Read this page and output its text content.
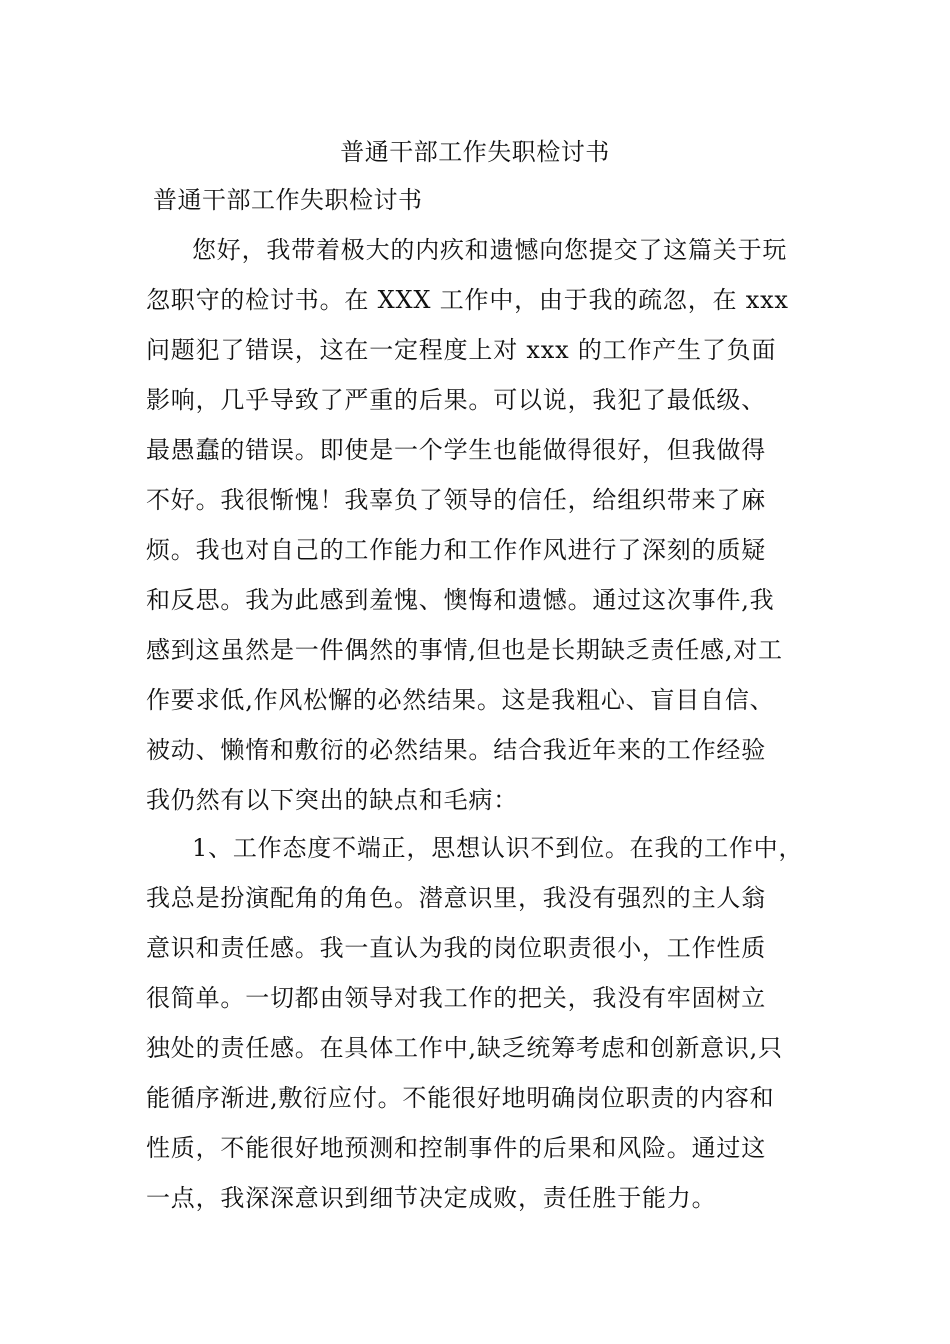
普通干部工作失职检讨书
普通干部工作失职检讨书
您好，我带着极大的内疚和遗憾向您提交了这篇关于玩
忽职守的检讨书。在 XXX 工作中，由于我的疏忽，在 xxx
问题犯了错误，这在一定程度上对 xxx 的工作产生了负面
影响，几乎导致了严重的后果。可以说，我犯了最低级、
最愚蠢的错误。即使是一个学生也能做得很好，但我做得
不好。我很惭愧！我辜负了领导的信任，给组织带来了麻
烦。我也对自己的工作能力和工作作风进行了深刻的质疑
和反思。我为此感到羞愧、懊悔和遗憾。通过这次事件,我
感到这虽然是一件偶然的事情,但也是长期缺乏责任感,对工
作要求低,作风松懈的必然结果。这是我粗心、盲目自信、
被动、懒惰和敷衍的必然结果。结合我近年来的工作经验
我仍然有以下突出的缺点和毛病：
1、工作态度不端正，思想认识不到位。在我的工作中，
我总是扮演配角的角色。潜意识里，我没有强烈的主人翁
意识和责任感。我一直认为我的岗位职责很小，工作性质
很简单。一切都由领导对我工作的把关，我没有牢固树立
独处的责任感。在具体工作中,缺乏统筹考虑和创新意识,只
能循序渐进,敷衍应付。不能很好地明确岗位职责的内容和
性质，不能很好地预测和控制事件的后果和风险。通过这
一点，我深深意识到细节决定成败，责任胜于能力。
